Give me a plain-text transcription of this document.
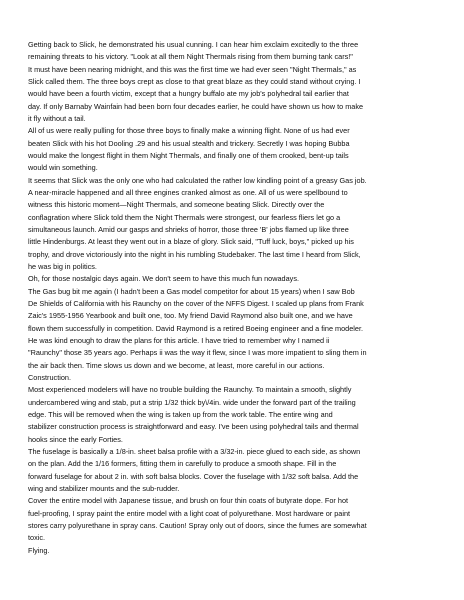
Getting back to Slick, he demonstrated his usual cunning. I can hear him exclaim excitedly to the three
remaining threats to his victory. "Look at all them Night Thermals rising from them burning tank cars!"
It must have been nearing midnight, and this was the first time we had ever seen "Night Thermals," as
Slick called them. The three boys crept as close to that great blaze as they could stand without crying. I
would have been a fourth victim, except that a hungry buffalo ate my job's polyhedral tail earlier that
day. If only Barnaby Wainfain had been born four decades earlier, he could have shown us how to make
it fly without a tail.
All of us were really pulling for those three boys to finally make a winning flight. None of us had ever
beaten Slick with his hot Dooling .29 and his usual stealth and trickery. Secretly I was hoping Bubba
would make the longest flight in them Night Thermals, and finally one of them crooked, bent-up tails
would win something.
It seems that Slick was the only one who had calculated the rather low kindling point of a greasy Gas job.
A near-miracle happened and all three engines cranked almost as one. All of us were spellbound to
witness this historic moment—Night Thermals, and someone beating Slick. Directly over the
conflagration where Slick told them the Night Thermals were strongest, our fearless fliers let go a
simultaneous launch. Amid our gasps and shrieks of horror, those three 'B' jobs flamed up like three
little Hindenburgs. At least they went out in a blaze of glory. Slick said, "Tuff luck, boys," picked up his
trophy, and drove victoriously into the night in his rumbling Studebaker. The last time I heard from Slick,
he was big in politics.
Oh, for those nostalgic days again. We don't seem to have this much fun nowadays.
The Gas bug bit me again (I hadn't been a Gas model competitor for about 15 years) when I saw Bob
De Shields of California with his Raunchy on the cover of the NFFS Digest. I scaled up plans from Frank
Zaic's 1955-1956 Yearbook and built one, too. My friend David Raymond also built one, and we have
flown them successfully in competition. David Raymond is a retired Boeing engineer and a fine modeler.
He was kind enough to draw the plans for this article. I have tried to remember why I named ii
"Raunchy" those 35 years ago. Perhaps ii was the way it flew, since I was more impatient to sling them in
the air back then. Time slows us down and we become, at least, more careful in our actions.
Construction.
Most experienced modelers will have no trouble building the Raunchy. To maintain a smooth, slightly
undercambered wing and stab, put a strip 1/32 thick by\/4in. wide under the forward part of the trailing
edge. This will be removed when the wing is taken up from the work table. The entire wing and
stabilizer construction process is straightforward and easy. I've been using polyhedral tails and thermal
hooks since the early Forties.
The fuselage is basically a 1/8-in. sheet balsa profile with a 3/32-in. piece glued to each side, as shown
on the plan. Add the 1/16 formers, fitting them in carefully to produce a smooth shape. Fill in the
forward fuselage for about 2 in. with soft balsa blocks. Cover the fuselage with 1/32 soft balsa. Add the
wing and stabilizer mounts and the sub-rudder.
Cover the entire model with Japanese tissue, and brush on four thin coats of butyrate dope. For hot
fuel-proofing, I spray paint the entire model with a light coat of polyurethane. Most hardware or paint
stores carry polyurethane in spray cans. Caution! Spray only out of doors, since the fumes are somewhat
toxic.
Flying.
